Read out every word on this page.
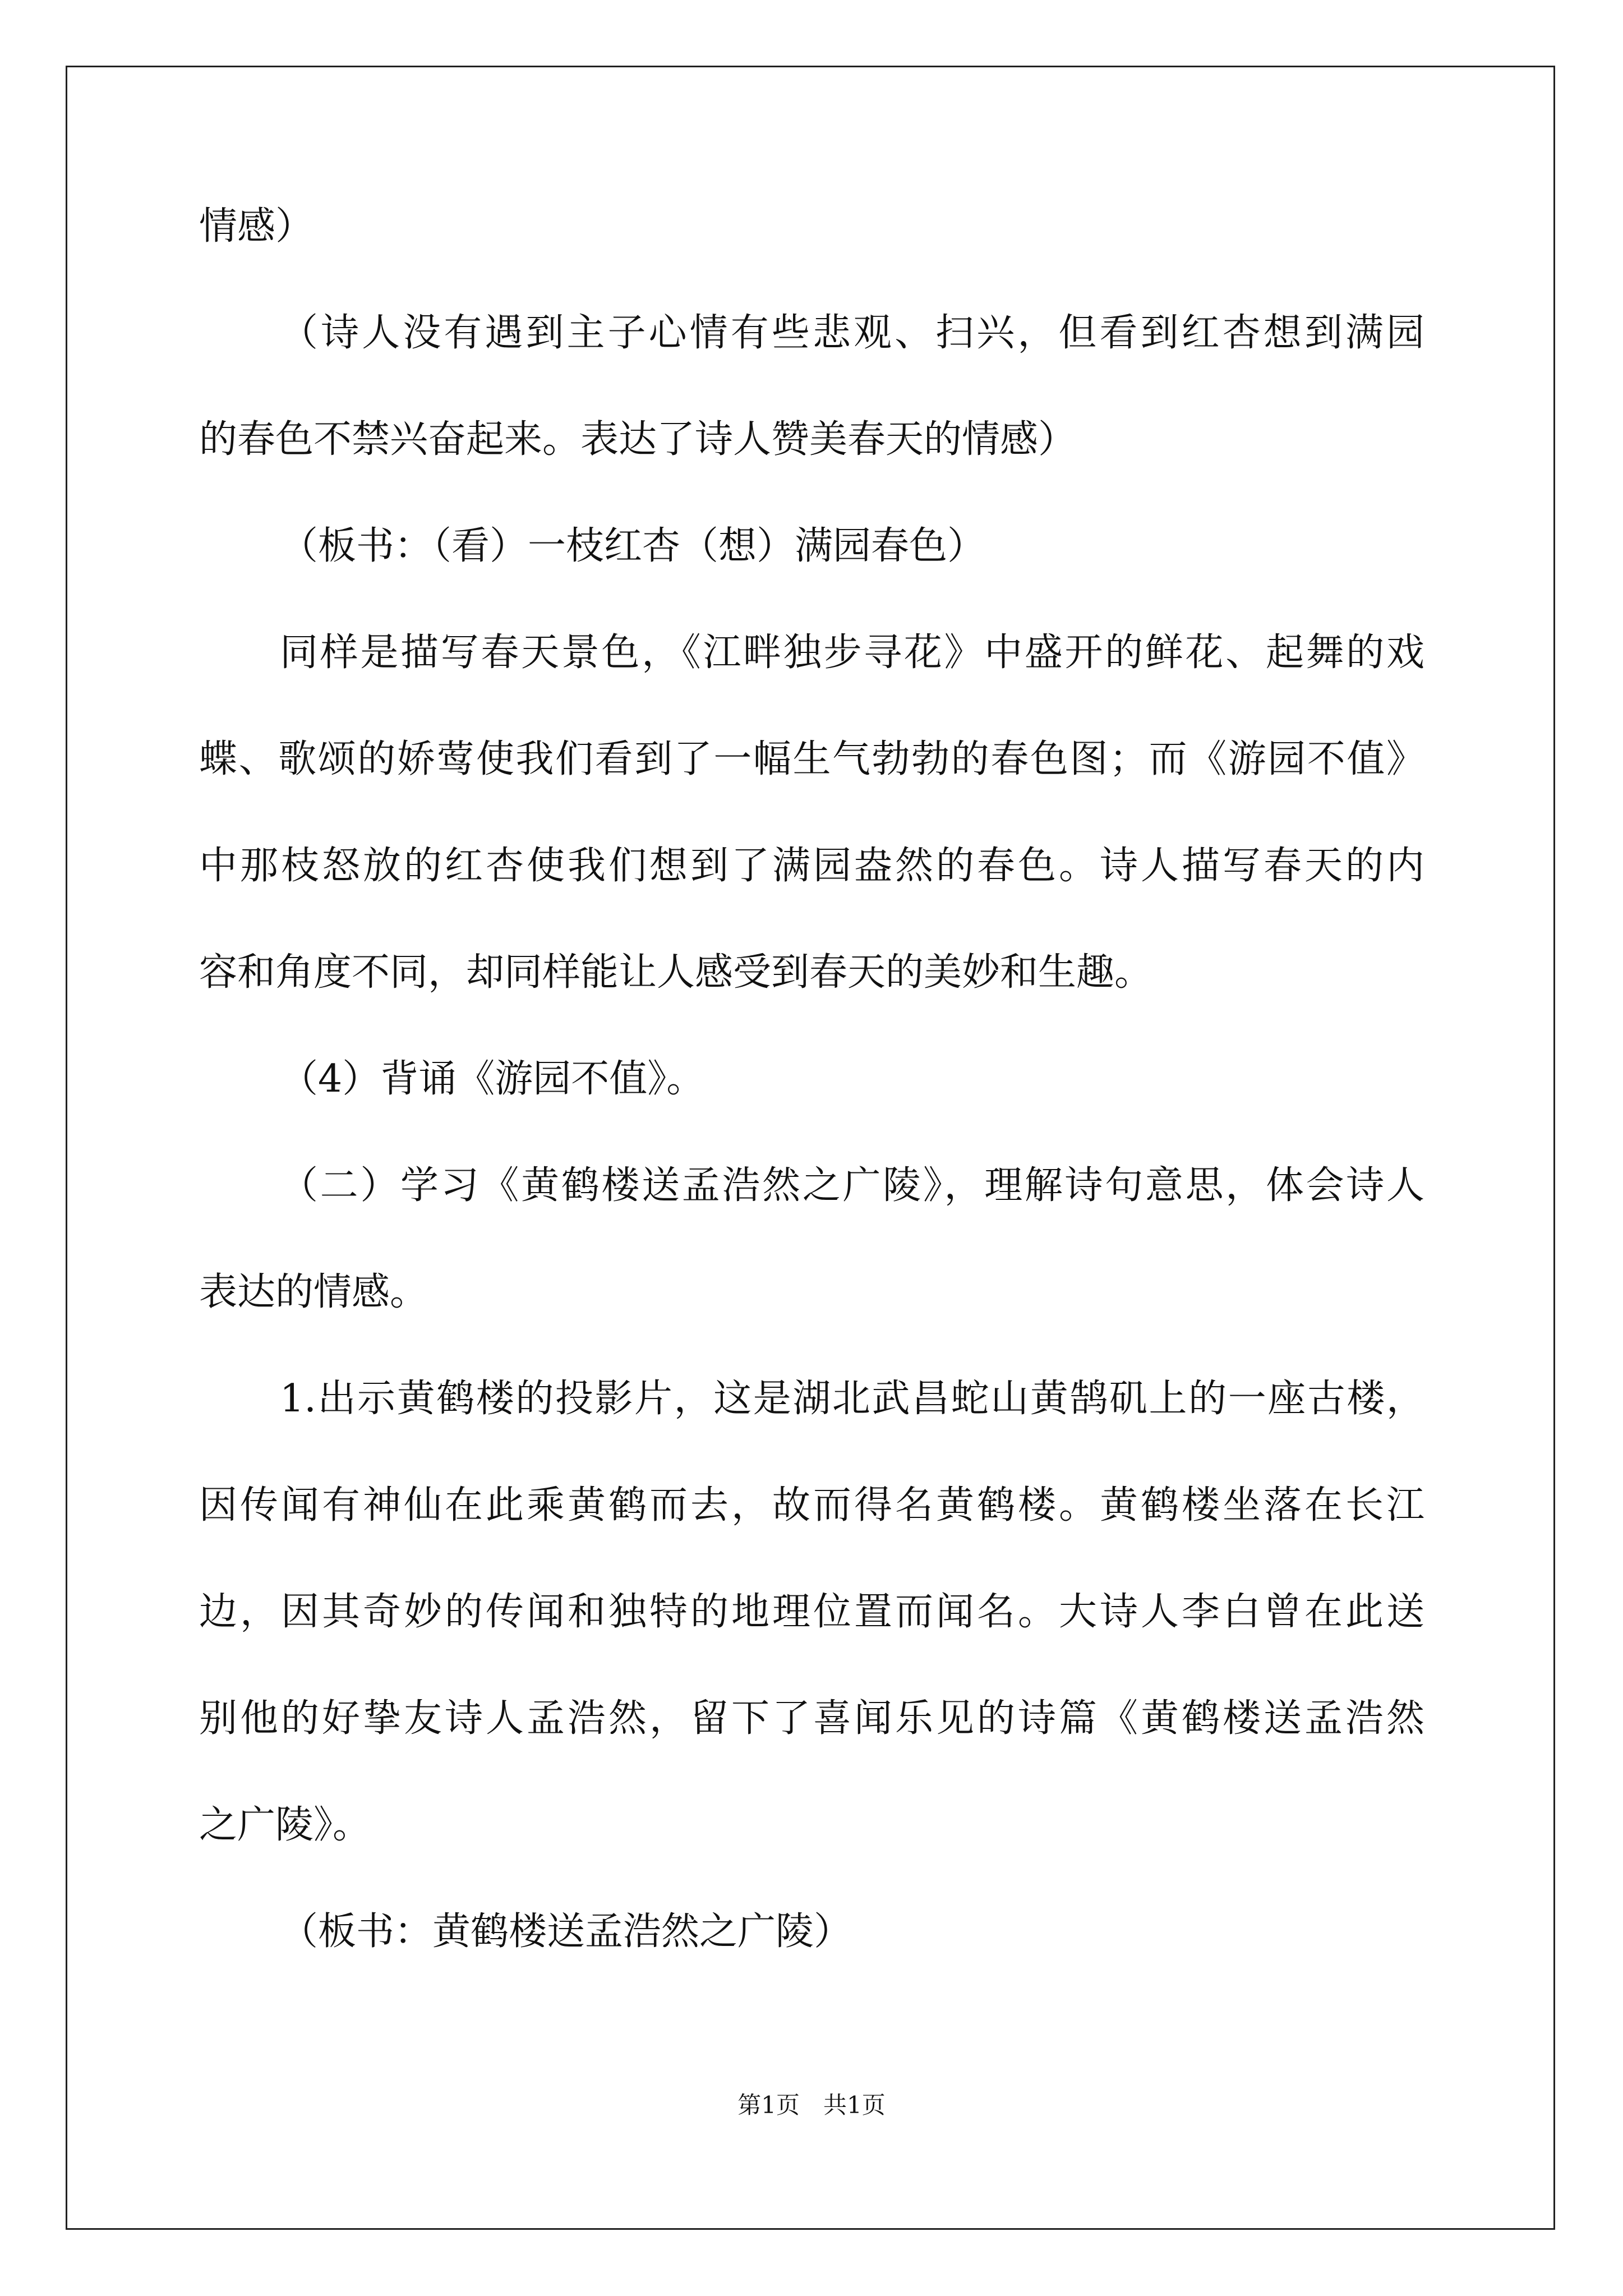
情感）
（诗人没有遇到主子心情有些悲观、扫兴，但看到红杏想到满园
的春色不禁兴奋起来。表达了诗人赞美春天的情感）
（板书：（看）一枝红杏（想）满园春色）
同样是描写春天景色，《江畔独步寻花》中盛开的鲜花、起舞的戏
蝶、歌颂的娇莺使我们看到了一幅生气勃勃的春色图；而《游园不值》
中那枝怒放的红杏使我们想到了满园盎然的春色。诗人描写春天的内
容和角度不同，却同样能让人感受到春天的美妙和生趣。
（4）背诵《游园不值》。
（二）学习《黄鹤楼送孟浩然之广陵》，理解诗句意思，体会诗人
表达的情感。
1.出示黄鹤楼的投影片，这是湖北武昌蛇山黄鹄矶上的一座古楼，
因传闻有神仙在此乘黄鹤而去，故而得名黄鹤楼。黄鹤楼坐落在长江
边，因其奇妙的传闻和独特的地理位置而闻名。大诗人李白曾在此送
别他的好挚友诗人孟浩然，留下了喜闻乐见的诗篇《黄鹤楼送孟浩然
之广陵》。
（板书：黄鹤楼送孟浩然之广陵）
第1页　共1页
